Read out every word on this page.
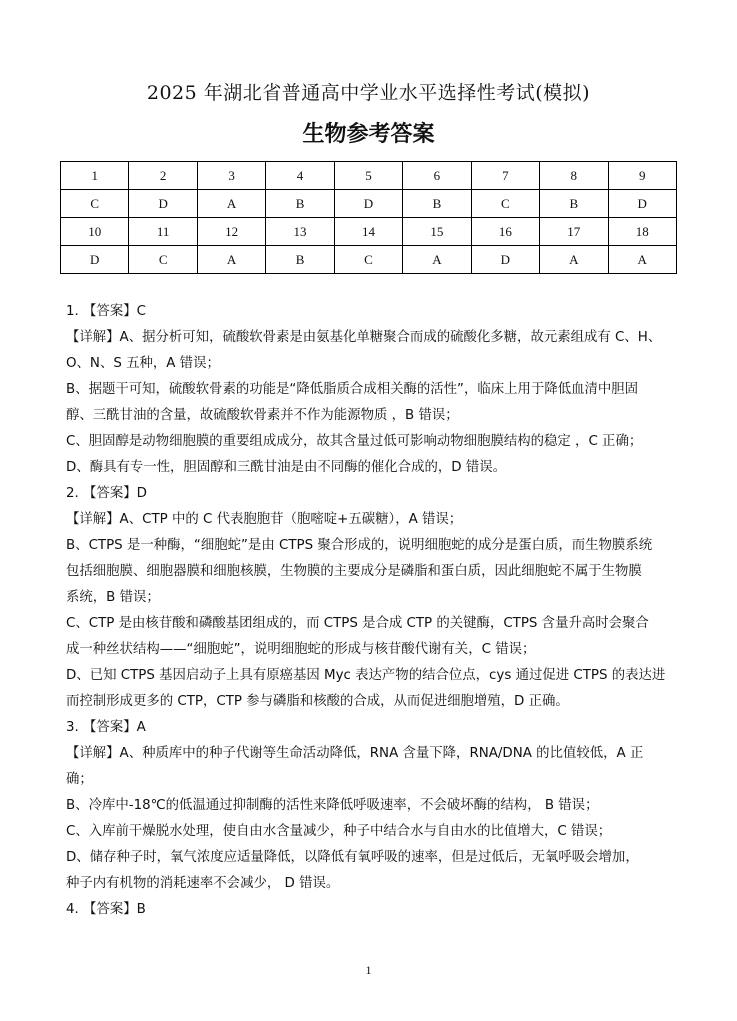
2025 年湖北省普通高中学业水平选择性考试(模拟)
生物参考答案
1	2	3	4	5	6	7	8	9
C	D	A	B	D	B	C	B	D
10	11	12	13	14	15	16	17	18
D	C	A	B	C	A	D	A	A

1. 【答案】C

【详解】A、据分析可知，硫酸软骨素是由氨基化单糖聚合而成的硫酸化多糖，故元素组成有 C、H、

O、N、S 五种，A 错误；

B、据题干可知，硫酸软骨素的功能是“降低脂质合成相关酶的活性”，临床上用于降低血清中胆固

醇、三酰甘油的含量，故硫酸软骨素并不作为能源物质 ，B 错误；

C、胆固醇是动物细胞膜的重要组成成分，故其含量过低可影响动物细胞膜结构的稳定 ，C 正确；

D、酶具有专一性，胆固醇和三酰甘油是由不同酶的催化合成的，D 错误。

2. 【答案】D

【详解】A、CTP 中的 C 代表胞胞苷（胞嘧啶+五碳糖），A 错误；

B、CTPS 是一种酶，“细胞蛇”是由 CTPS 聚合形成的，说明细胞蛇的成分是蛋白质，而生物膜系统

包括细胞膜、细胞器膜和细胞核膜，生物膜的主要成分是磷脂和蛋白质，因此细胞蛇不属于生物膜

系统，B 错误；

C、CTP 是由核苷酸和磷酸基团组成的，而 CTPS 是合成 CTP 的关键酶，CTPS 含量升高时会聚合

成一种丝状结构——“细胞蛇”，说明细胞蛇的形成与核苷酸代谢有关，C 错误；

D、已知 CTPS 基因启动子上具有原癌基因 Myc 表达产物的结合位点，cys 通过促进 CTPS 的表达进

而控制形成更多的 CTP，CTP 参与磷脂和核酸的合成，从而促进细胞增殖，D 正确。

3. 【答案】A

【详解】A、种质库中的种子代谢等生命活动降低，RNA 含量下降，RNA/DNA 的比值较低，A 正

确；

B、冷库中-18℃的低温通过抑制酶的活性来降低呼吸速率，不会破坏酶的结构， B 错误；

C、入库前干燥脱水处理，使自由水含量减少，种子中结合水与自由水的比值增大，C 错误；

D、储存种子时，氧气浓度应适量降低，以降低有氧呼吸的速率，但是过低后，无氧呼吸会增加，

种子内有机物的消耗速率不会减少， D 错误。

4. 【答案】B

1
